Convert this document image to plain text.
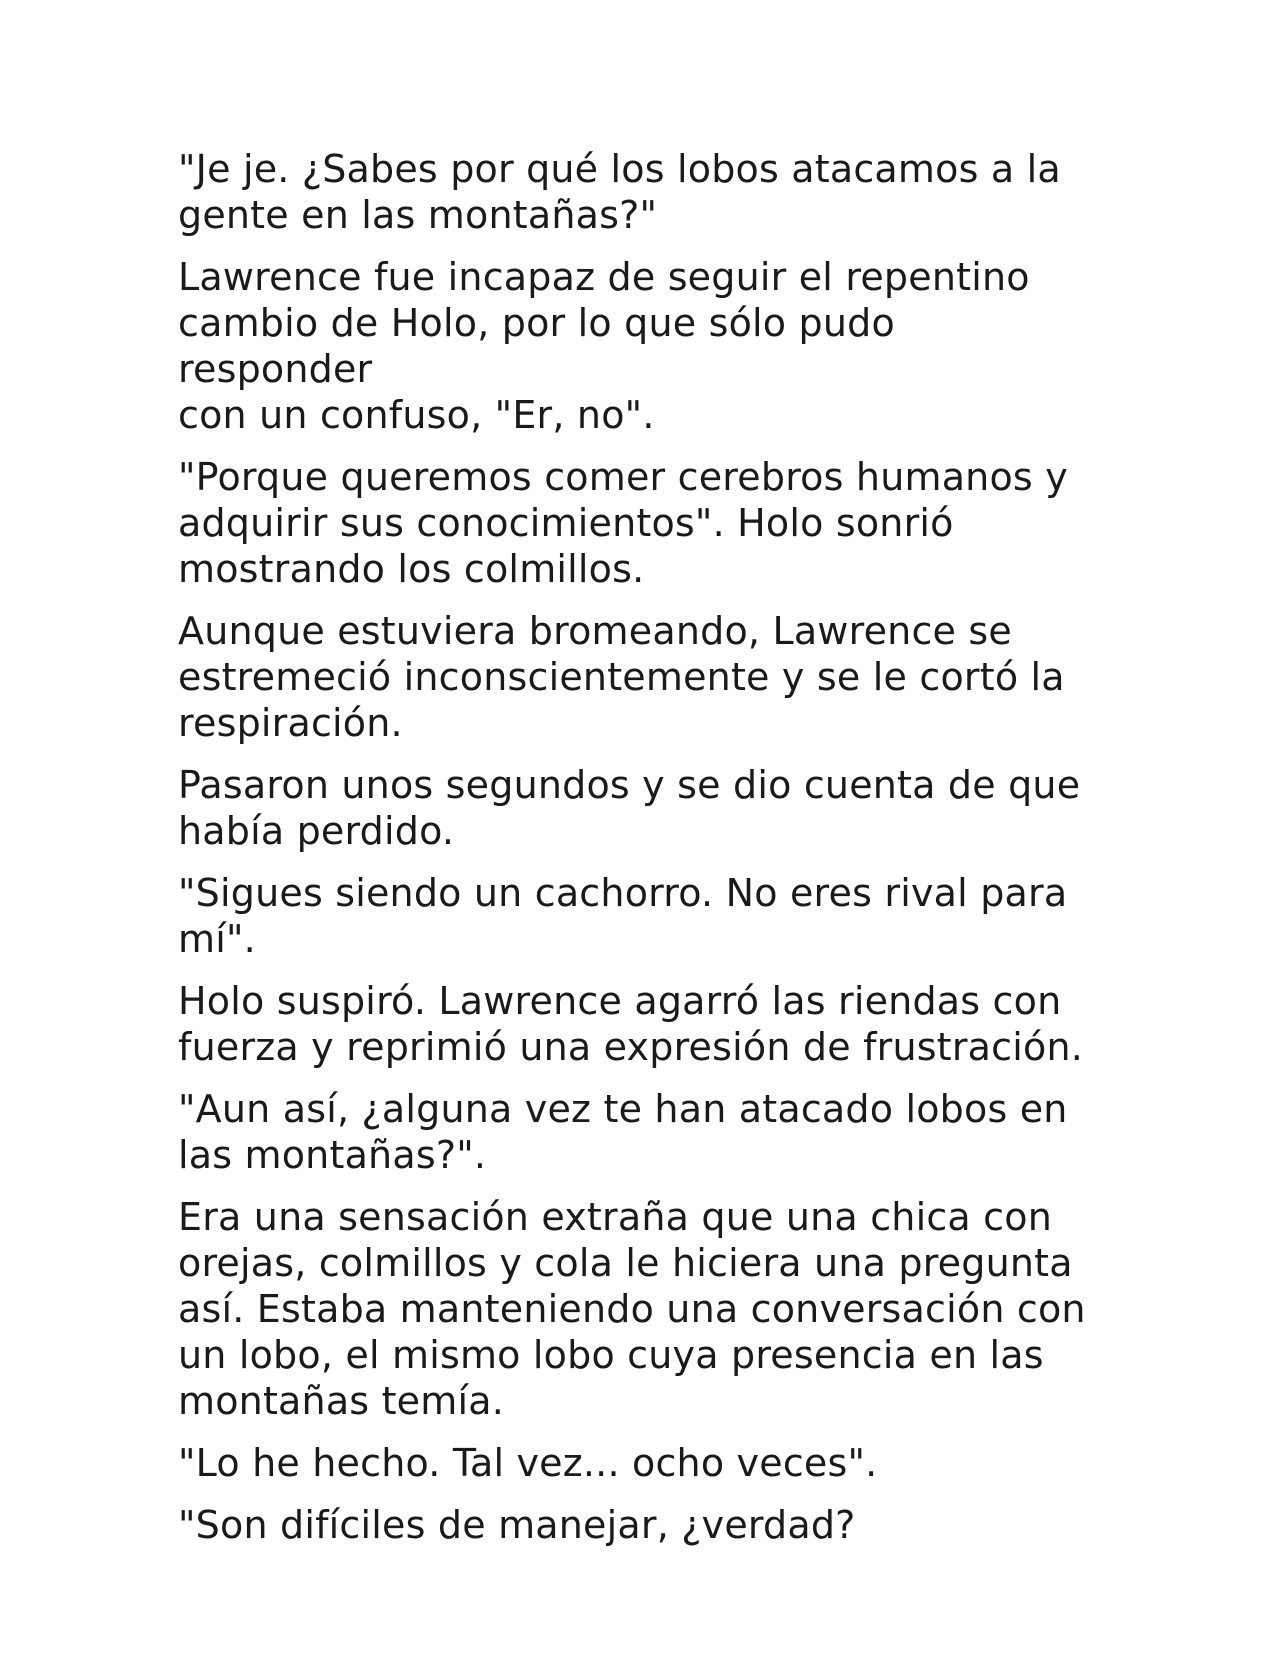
"Je je. ¿Sabes por qué los lobos atacamos a la
gente en las montañas?"

Lawrence fue incapaz de seguir el repentino
cambio de Holo, por lo que sólo pudo responder
con un confuso, "Er, no".

"Porque queremos comer cerebros humanos y
adquirir sus conocimientos". Holo sonrió
mostrando los colmillos.

Aunque estuviera bromeando, Lawrence se
estremeció inconscientemente y se le cortó la
respiración.

Pasaron unos segundos y se dio cuenta de que
había perdido.

"Sigues siendo un cachorro. No eres rival para
mí".

Holo suspiró. Lawrence agarró las riendas con
fuerza y reprimió una expresión de frustración.

"Aun así, ¿alguna vez te han atacado lobos en
las montañas?".

Era una sensación extraña que una chica con
orejas, colmillos y cola le hiciera una pregunta
así. Estaba manteniendo una conversación con
un lobo, el mismo lobo cuya presencia en las
montañas temía.

"Lo he hecho. Tal vez... ocho veces".

"Son difíciles de manejar, ¿verdad?
